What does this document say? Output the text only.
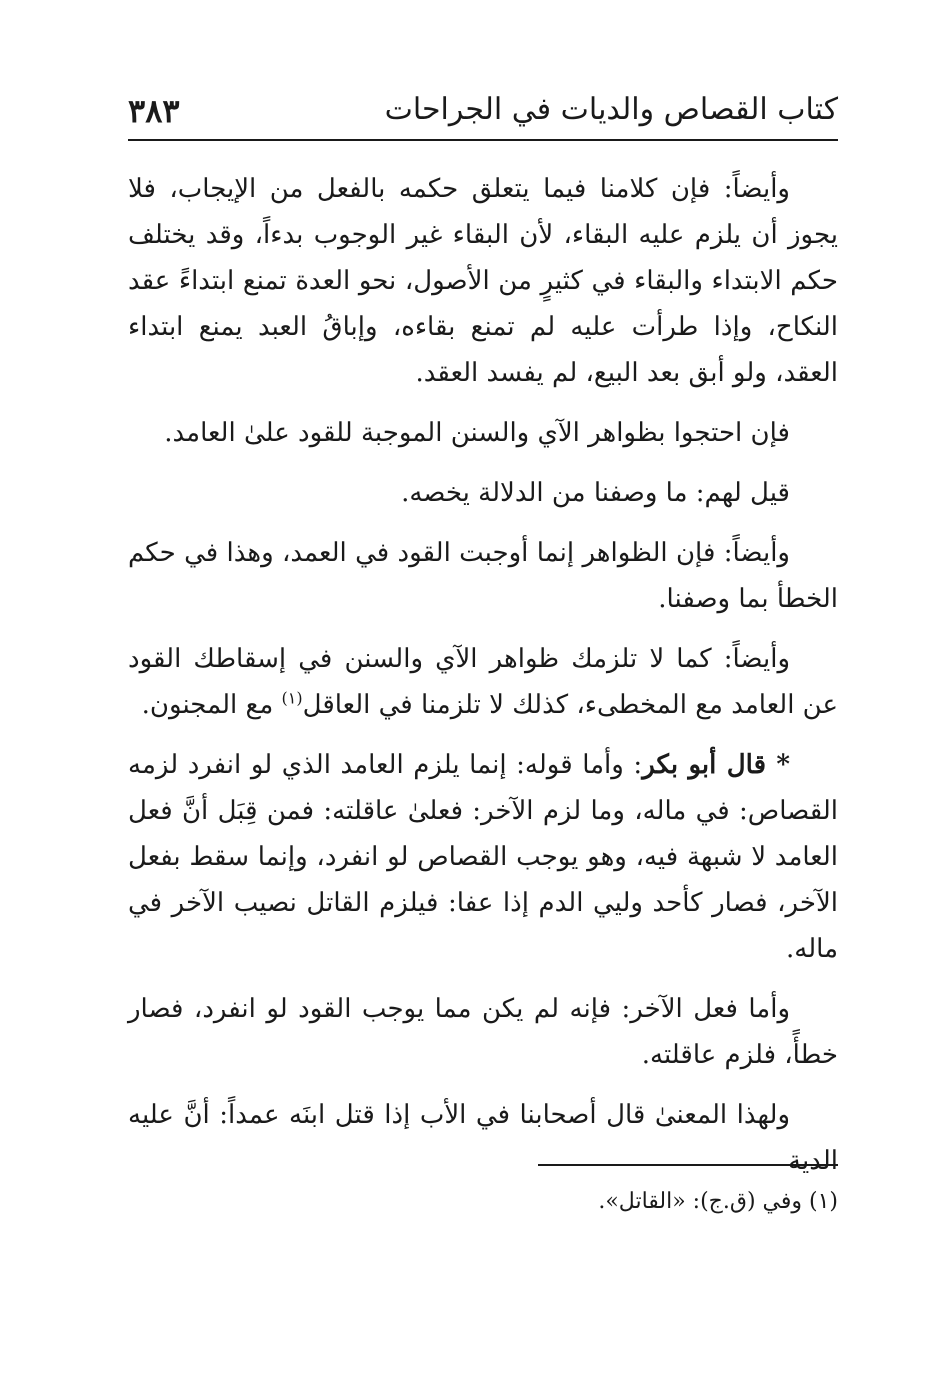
كتاب القصاص والديات في الجراحات
٣٨٣

وأيضاً: فإن كلامنا فيما يتعلق حكمه بالفعل من الإيجاب، فلا يجوز أن يلزم عليه البقاء، لأن البقاء غير الوجوب بدءاً، وقد يختلف حكم الابتداء والبقاء في كثيرٍ من الأصول، نحو العدة تمنع ابتداءً عقد النكاح، وإذا طرأت عليه لم تمنع بقاءه، وإباقُ العبد يمنع ابتداء العقد، ولو أبق بعد البيع، لم يفسد العقد.

فإن احتجوا بظواهر الآي والسنن الموجبة للقود علىٰ العامد.

قيل لهم: ما وصفنا من الدلالة يخصه.

وأيضاً: فإن الظواهر إنما أوجبت القود في العمد، وهذا في حكم الخطأ بما وصفنا.

وأيضاً: كما لا تلزمك ظواهر الآي والسنن في إسقاطك القود عن العامد مع المخطىء، كذلك لا تلزمنا في العاقل$^{(١)}$ مع المجنون.

* قال أبو بكر: وأما قوله: إنما يلزم العامد الذي لو انفرد لزمه القصاص: في ماله، وما لزم الآخر: فعلىٰ عاقلته: فمن قِبَل أنَّ فعل العامد لا شبهة فيه، وهو يوجب القصاص لو انفرد، وإنما سقط بفعل الآخر، فصار كأحد وليي الدم إذا عفا: فيلزم القاتل نصيب الآخر في ماله.

وأما فعل الآخر: فإنه لم يكن مما يوجب القود لو انفرد، فصار خطأً، فلزم عاقلته.

ولهذا المعنىٰ قال أصحابنا في الأب إذا قتل ابنَه عمداً: أنَّ عليه الدية

(١) وفي (ق.ج): «القاتل».
